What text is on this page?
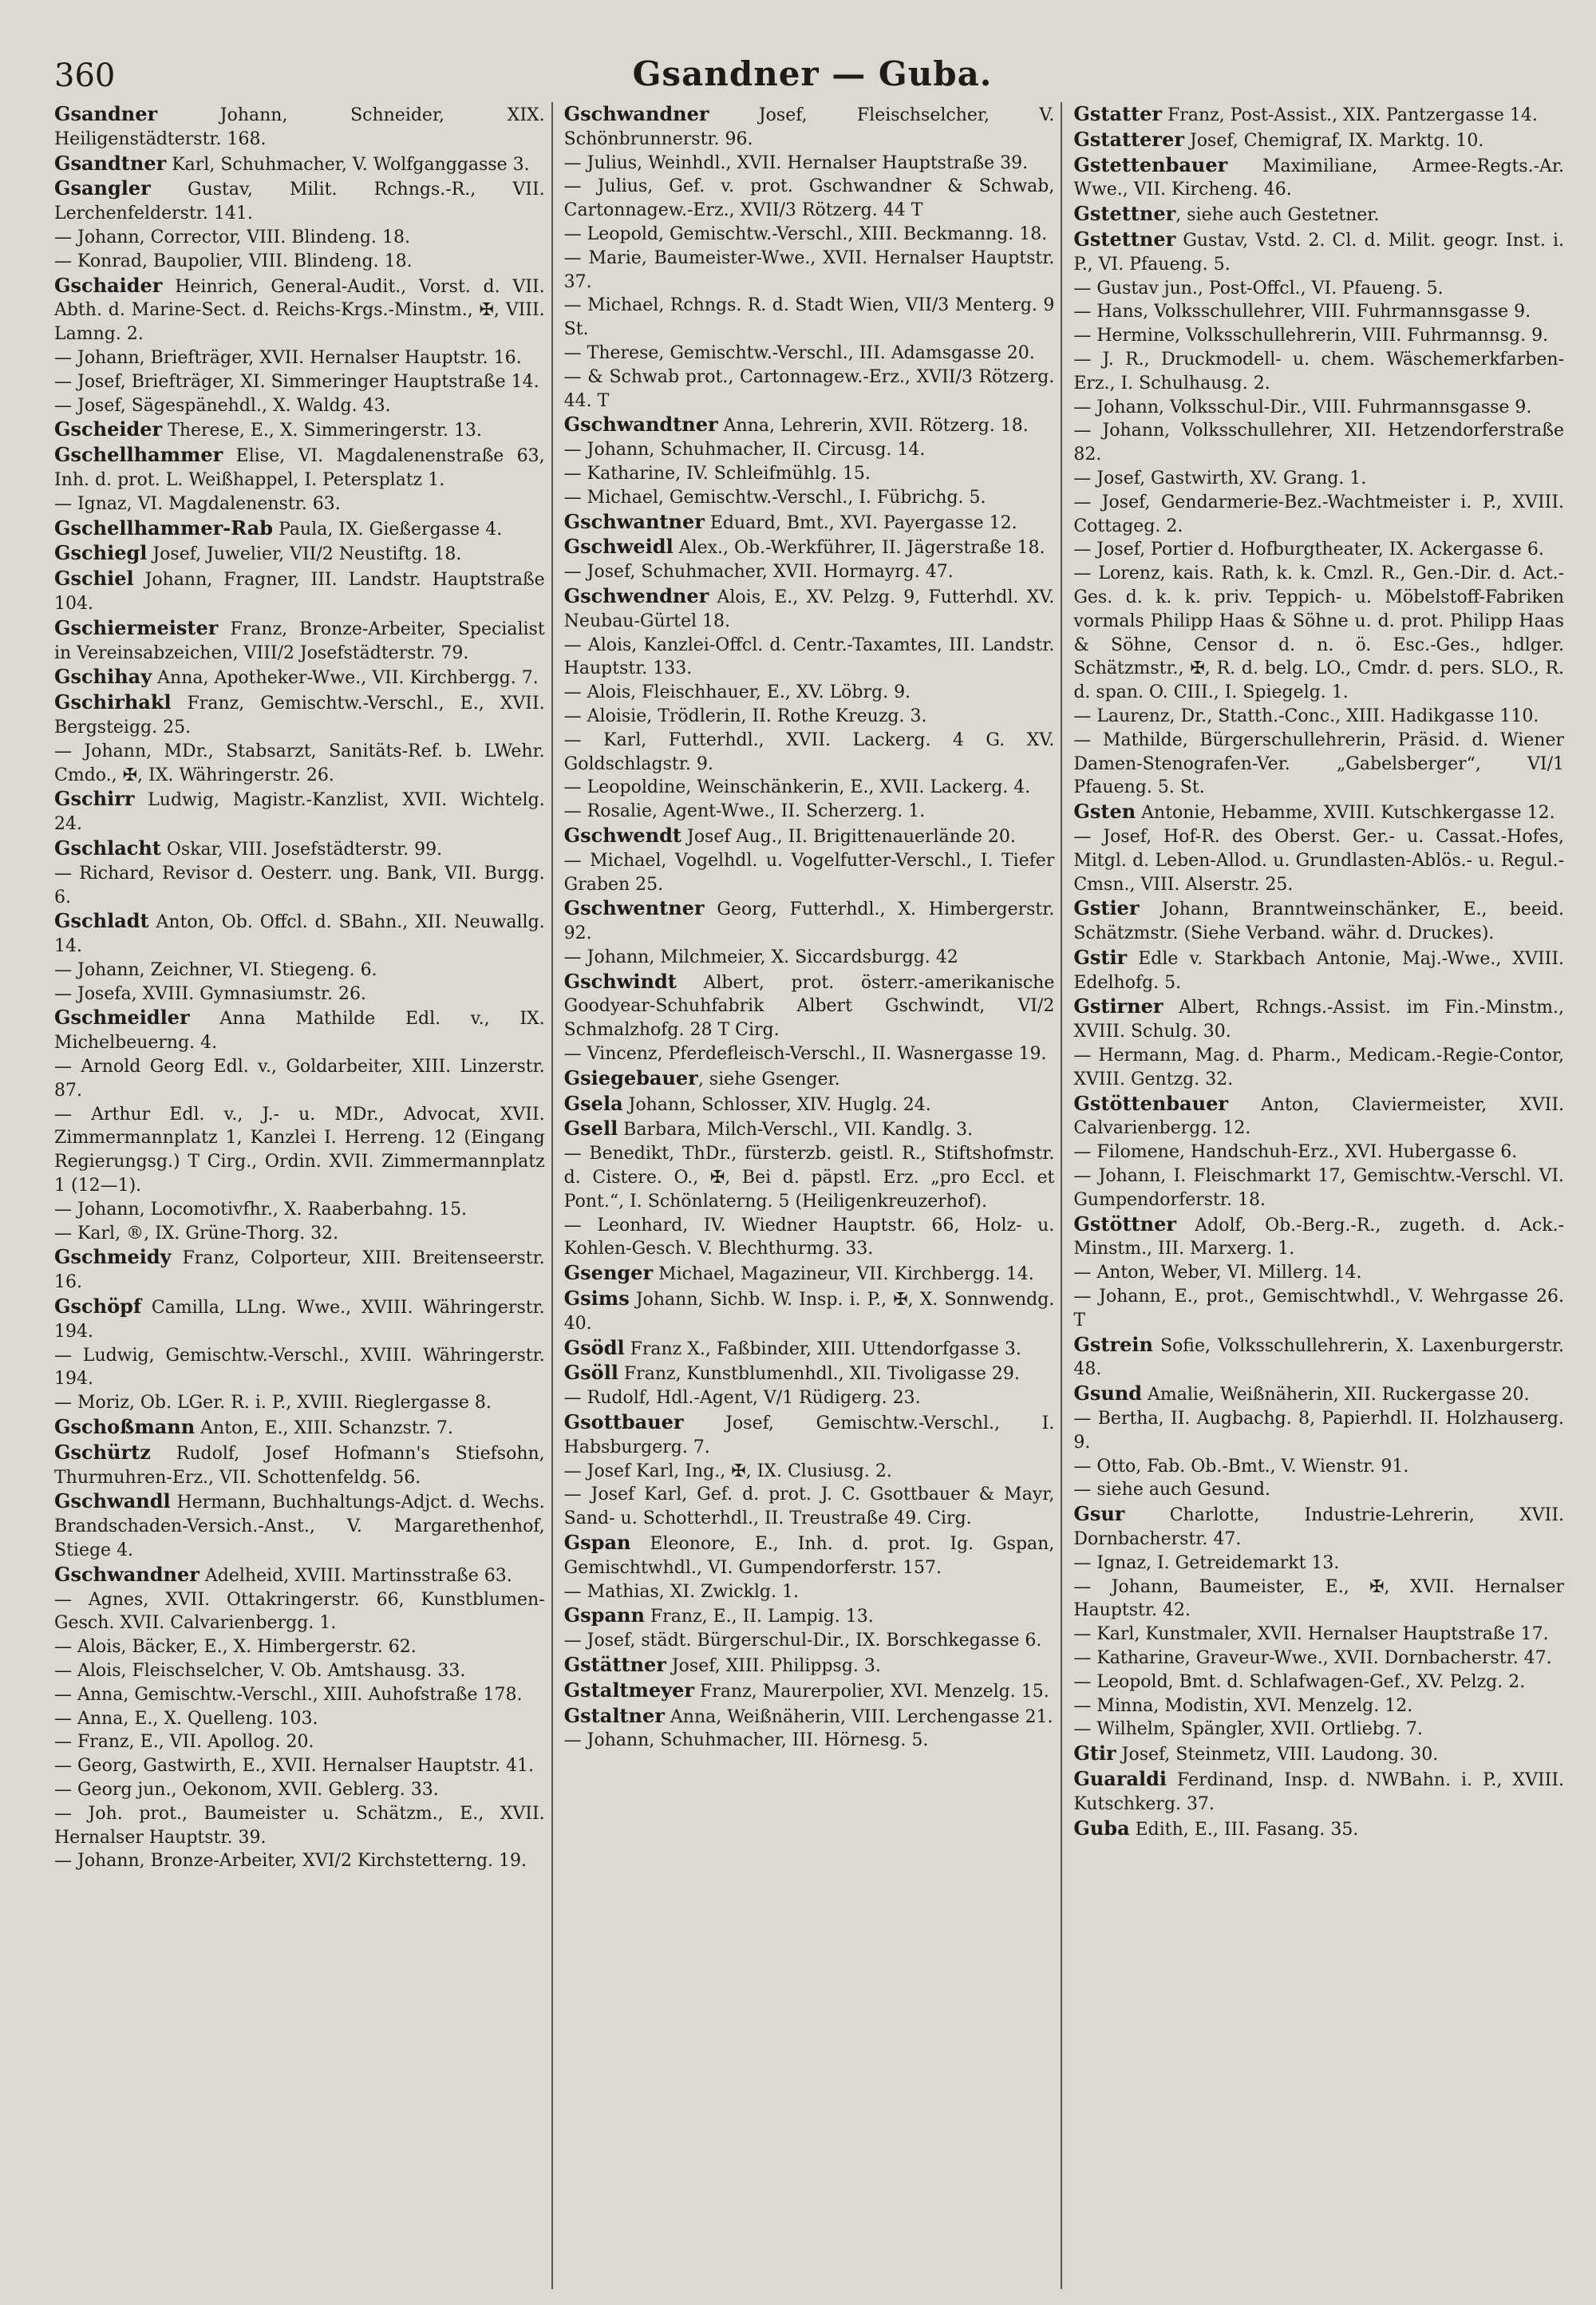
360	Gsandner — Guba.

Gsandner Johann, Schneider, XIX. Heiligenstädterstr. 168.

Gsandtner Karl, Schuhmacher, V. Wolfganggasse 3.

Gsangler Gustav, Milit. Rchngs.-R., VII. Lerchenfelderstr. 141.

— Johann, Corrector, VIII. Blindeng. 18.

— Konrad, Baupolier, VIII. Blindeng. 18.

Gschaider Heinrich, General-Audit., Vorst. d. VII. Abth. d. Marine-Sect. d. Reichs-Krgs.-Minstm., ✠, VIII. Lamng. 2.

— Johann, Briefträger, XVII. Hernalser Hauptstr. 16.

— Josef, Briefträger, XI. Simmeringer Hauptstraße 14.

— Josef, Sägespänehdl., X. Waldg. 43.

Gscheider Therese, E., X. Simmeringerstr. 13.

Gschellhammer Elise, VI. Magdalenenstraße 63, Inh. d. prot. L. Weißhappel, I. Petersplatz 1.

— Ignaz, VI. Magdalenenstr. 63.

Gschellhammer-Rab Paula, IX. Gießergasse 4.

Gschiegl Josef, Juwelier, VII/2 Neustiftg. 18.

Gschiel Johann, Fragner, III. Landstr. Hauptstraße 104.

Gschiermeister Franz, Bronze-Arbeiter, Specialist in Vereinsabzeichen, VIII/2 Josefstädterstr. 79.

Gschihay Anna, Apotheker-Wwe., VII. Kirchbergg. 7.

Gschirhakl Franz, Gemischtw.-Verschl., E., XVII. Bergsteigg. 25.

— Johann, MDr., Stabsarzt, Sanitäts-Ref. b. LWehr. Cmdo., ✠, IX. Währingerstr. 26.

Gschirr Ludwig, Magistr.-Kanzlist, XVII. Wichtelg. 24.

Gschlacht Oskar, VIII. Josefstädterstr. 99.

— Richard, Revisor d. Oesterr. ung. Bank, VII. Burgg. 6.

Gschladt Anton, Ob. Offcl. d. SBahn., XII. Neuwallg. 14.

— Johann, Zeichner, VI. Stiegeng. 6.

— Josefa, XVIII. Gymnasiumstr. 26.

Gschmeidler Anna Mathilde Edl. v., IX. Michelbeuerng. 4.

— Arnold Georg Edl. v., Goldarbeiter, XIII. Linzerstr. 87.

— Arthur Edl. v., J.- u. MDr., Advocat, XVII. Zimmermannplatz 1, Kanzlei I. Herreng. 12 (Eingang Regierungsg.) T Cirg., Ordin. XVII. Zimmermannplatz 1 (12—1).

— Johann, Locomotivfhr., X. Raaberbahng. 15.

— Karl, ®, IX. Grüne-Thorg. 32.

Gschmeidy Franz, Colporteur, XIII. Breitenseerstr. 16.

Gschöpf Camilla, LLng. Wwe., XVIII. Währingerstr. 194.

— Ludwig, Gemischtw.-Verschl., XVIII. Währingerstr. 194.

— Moriz, Ob. LGer. R. i. P., XVIII. Rieglergasse 8.

Gschoßmann Anton, E., XIII. Schanzstr. 7.

Gschürtz Rudolf, Josef Hofmann's Stiefsohn, Thurmuhren-Erz., VII. Schottenfeldg. 56.

Gschwandl Hermann, Buchhaltungs-Adjct. d. Wechs. Brandschaden-Versich.-Anst., V. Margarethenhof, Stiege 4.

Gschwandner Adelheid, XVIII. Martinsstraße 63.

— Agnes, XVII. Ottakringerstr. 66, Kunstblumen-Gesch. XVII. Calvarienbergg. 1.

— Alois, Bäcker, E., X. Himbergerstr. 62.

— Alois, Fleischselcher, V. Ob. Amtshausg. 33.

— Anna, Gemischtw.-Verschl., XIII. Auhofstraße 178.

— Anna, E., X. Quelleng. 103.

— Franz, E., VII. Apollog. 20.

— Georg, Gastwirth, E., XVII. Hernalser Hauptstr. 41.

— Georg jun., Oekonom, XVII. Geblerg. 33.

— Joh. prot., Baumeister u. Schätzm., E., XVII. Hernalser Hauptstr. 39.

— Johann, Bronze-Arbeiter, XVI/2 Kirchstetterng. 19.

Gschwandner Josef, Fleischselcher, V. Schönbrunnerstr. 96.

— Julius, Weinhdl., XVII. Hernalser Hauptstraße 39.

— Julius, Gef. v. prot. Gschwandner & Schwab, Cartonnagew.-Erz., XVII/3 Rötzerg. 44 T

— Leopold, Gemischtw.-Verschl., XIII. Beckmanng. 18.

— Marie, Baumeister-Wwe., XVII. Hernalser Hauptstr. 37.

— Michael, Rchngs. R. d. Stadt Wien, VII/3 Menterg. 9 St.

— Therese, Gemischtw.-Verschl., III. Adamsgasse 20.

— & Schwab prot., Cartonnagew.-Erz., XVII/3 Rötzerg. 44. T

Gschwandtner Anna, Lehrerin, XVII. Rötzerg. 18.

— Johann, Schuhmacher, II. Circusg. 14.

— Katharine, IV. Schleifmühlg. 15.

— Michael, Gemischtw.-Verschl., I. Fübrichg. 5.

Gschwantner Eduard, Bmt., XVI. Payergasse 12.

Gschweidl Alex., Ob.-Werkführer, II. Jägerstraße 18.

— Josef, Schuhmacher, XVII. Hormayrg. 47.

Gschwendner Alois, E., XV. Pelzg. 9, Futterhdl. XV. Neubau-Gürtel 18.

— Alois, Kanzlei-Offcl. d. Centr.-Taxamtes, III. Landstr. Hauptstr. 133.

— Alois, Fleischhauer, E., XV. Löbrg. 9.

— Aloisie, Trödlerin, II. Rothe Kreuzg. 3.

— Karl, Futterhdl., XVII. Lackerg. 4 G. XV. Goldschlagstr. 9.

— Leopoldine, Weinschänkerin, E., XVII. Lackerg. 4.

— Rosalie, Agent-Wwe., II. Scherzerg. 1.

Gschwendt Josef Aug., II. Brigittenauerlände 20.

— Michael, Vogelhdl. u. Vogelfutter-Verschl., I. Tiefer Graben 25.

Gschwentner Georg, Futterhdl., X. Himbergerstr. 92.

— Johann, Milchmeier, X. Siccardsburgg. 42

Gschwindt Albert, prot. österr.-amerikanische Goodyear-Schuhfabrik Albert Gschwindt, VI/2 Schmalzhofg. 28 T Cirg.

— Vincenz, Pferdefleisch-Verschl., II. Wasnergasse 19.

Gsiegebauer, siehe Gsenger.

Gsela Johann, Schlosser, XIV. Huglg. 24.

Gsell Barbara, Milch-Verschl., VII. Kandlg. 3.

— Benedikt, ThDr., fürsterzb. geistl. R., Stiftshofmstr. d. Cistere. O., ✠, Bei d. päpstl. Erz. „pro Eccl. et Pont.“, I. Schönlaterng. 5 (Heiligenkreuzerhof).

— Leonhard, IV. Wiedner Hauptstr. 66, Holz- u. Kohlen-Gesch. V. Blechthurmg. 33.

Gsenger Michael, Magazineur, VII. Kirchbergg. 14.

Gsims Johann, Sichb. W. Insp. i. P., ✠, X. Sonnwendg. 40.

Gsödl Franz X., Faßbinder, XIII. Uttendorfgasse 3.

Gsöll Franz, Kunstblumenhdl., XII. Tivoligasse 29.

— Rudolf, Hdl.-Agent, V/1 Rüdigerg. 23.

Gsottbauer Josef, Gemischtw.-Verschl., I. Habsburgerg. 7.

— Josef Karl, Ing., ✠, IX. Clusiusg. 2.

— Josef Karl, Gef. d. prot. J. C. Gsottbauer & Mayr, Sand- u. Schotterhdl., II. Treustraße 49. Cirg.

Gspan Eleonore, E., Inh. d. prot. Ig. Gspan, Gemischtwhdl., VI. Gumpendorferstr. 157.

— Mathias, XI. Zwicklg. 1.

Gspann Franz, E., II. Lampig. 13.

— Josef, städt. Bürgerschul-Dir., IX. Borschkegasse 6.

Gstättner Josef, XIII. Philippsg. 3.

Gstaltmeyer Franz, Maurerpolier, XVI. Menzelg. 15.

Gstaltner Anna, Weißnäherin, VIII. Lerchengasse 21.

— Johann, Schuhmacher, III. Hörnesg. 5.

Gstatter Franz, Post-Assist., XIX. Pantzergasse 14.

Gstatterer Josef, Chemigraf, IX. Marktg. 10.

Gstettenbauer Maximiliane, Armee-Regts.-Ar. Wwe., VII. Kircheng. 46.

Gstettner, siehe auch Gestetner.

Gstettner Gustav, Vstd. 2. Cl. d. Milit. geogr. Inst. i. P., VI. Pfaueng. 5.

— Gustav jun., Post-Offcl., VI. Pfaueng. 5.

— Hans, Volksschullehrer, VIII. Fuhrmannsgasse 9.

— Hermine, Volksschullehrerin, VIII. Fuhrmannsg. 9.

— J. R., Druckmodell- u. chem. Wäschemerkfarben-Erz., I. Schulhausg. 2.

— Johann, Volksschul-Dir., VIII. Fuhrmannsgasse 9.

— Johann, Volksschullehrer, XII. Hetzendorferstraße 82.

— Josef, Gastwirth, XV. Grang. 1.

— Josef, Gendarmerie-Bez.-Wachtmeister i. P., XVIII. Cottageg. 2.

— Josef, Portier d. Hofburgtheater, IX. Ackergasse 6.

— Lorenz, kais. Rath, k. k. Cmzl. R., Gen.-Dir. d. Act.-Ges. d. k. k. priv. Teppich- u. Möbelstoff-Fabriken vormals Philipp Haas & Söhne u. d. prot. Philipp Haas & Söhne, Censor d. n. ö. Esc.-Ges., hdlger. Schätzmstr., ✠, R. d. belg. LO., Cmdr. d. pers. SLO., R. d. span. O. CIII., I. Spiegelg. 1.

— Laurenz, Dr., Statth.-Conc., XIII. Hadikgasse 110.

— Mathilde, Bürgerschullehrerin, Präsid. d. Wiener Damen-Stenografen-Ver. „Gabelsberger“, VI/1 Pfaueng. 5. St.

Gsten Antonie, Hebamme, XVIII. Kutschkergasse 12.

— Josef, Hof-R. des Oberst. Ger.- u. Cassat.-Hofes, Mitgl. d. Leben-Allod. u. Grundlasten-Ablös.- u. Regul.-Cmsn., VIII. Alserstr. 25.

Gstier Johann, Branntweinschänker, E., beeid. Schätzmstr. (Siehe Verband. währ. d. Druckes).

Gstir Edle v. Starkbach Antonie, Maj.-Wwe., XVIII. Edelhofg. 5.

Gstirner Albert, Rchngs.-Assist. im Fin.-Minstm., XVIII. Schulg. 30.

— Hermann, Mag. d. Pharm., Medicam.-Regie-Contor, XVIII. Gentzg. 32.

Gstöttenbauer Anton, Claviermeister, XVII. Calvarienbergg. 12.

— Filomene, Handschuh-Erz., XVI. Hubergasse 6.

— Johann, I. Fleischmarkt 17, Gemischtw.-Verschl. VI. Gumpendorferstr. 18.

Gstöttner Adolf, Ob.-Berg.-R., zugeth. d. Ack.-Minstm., III. Marxerg. 1.

— Anton, Weber, VI. Millerg. 14.

— Johann, E., prot., Gemischtwhdl., V. Wehrgasse 26. T

Gstrein Sofie, Volksschullehrerin, X. Laxenburgerstr. 48.

Gsund Amalie, Weißnäherin, XII. Ruckergasse 20.

— Bertha, II. Augbachg. 8, Papierhdl. II. Holzhauserg. 9.

— Otto, Fab. Ob.-Bmt., V. Wienstr. 91.

— siehe auch Gesund.

Gsur Charlotte, Industrie-Lehrerin, XVII. Dornbacherstr. 47.

— Ignaz, I. Getreidemarkt 13.

— Johann, Baumeister, E., ✠, XVII. Hernalser Hauptstr. 42.

— Karl, Kunstmaler, XVII. Hernalser Hauptstraße 17.

— Katharine, Graveur-Wwe., XVII. Dornbacherstr. 47.

— Leopold, Bmt. d. Schlafwagen-Gef., XV. Pelzg. 2.

— Minna, Modistin, XVI. Menzelg. 12.

— Wilhelm, Spängler, XVII. Ortliebg. 7.

Gtir Josef, Steinmetz, VIII. Laudong. 30.

Guaraldi Ferdinand, Insp. d. NWBahn. i. P., XVIII. Kutschkerg. 37.

Guba Edith, E., III. Fasang. 35.
